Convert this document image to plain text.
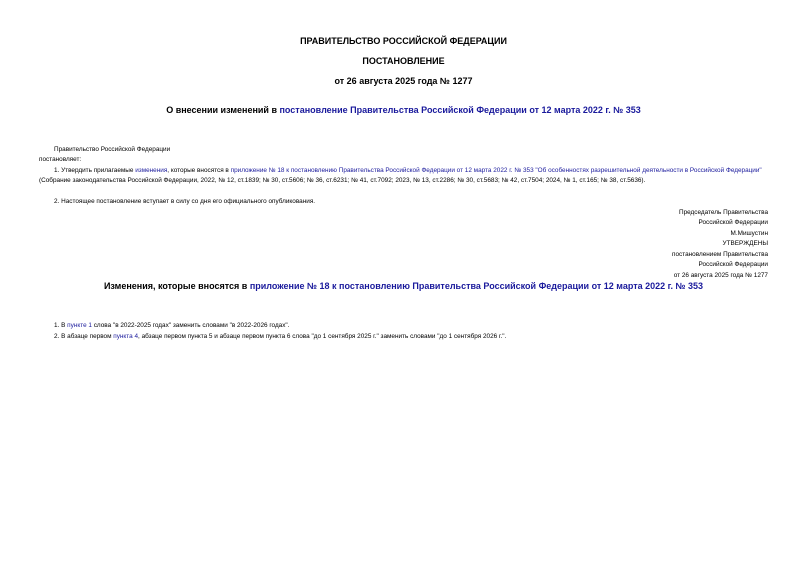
ПРАВИТЕЛЬСТВО РОССИЙСКОЙ ФЕДЕРАЦИИ
ПОСТАНОВЛЕНИЕ
от 26 августа 2025 года № 1277
О внесении изменений в постановление Правительства Российской Федерации от 12 марта 2022 г. № 353
Правительство Российской Федерации
постановляет:
1. Утвердить прилагаемые изменения, которые вносятся в приложение № 18 к постановлению Правительства Российской Федерации от 12 марта 2022 г. № 353 "Об особенностях разрешительной деятельности в Российской Федерации" (Собрание законодательства Российской Федерации, 2022, № 12, ст.1839; № 30, ст.5606; № 36, ст.6231; № 41, ст.7092; 2023, № 13, ст.2286; № 30, ст.5683; № 42, ст.7504; 2024, № 1, ст.165; № 38, ст.5636).
2. Настоящее постановление вступает в силу со дня его официального опубликования.
Председатель Правительства
Российской Федерации
М.Мишустин
УТВЕРЖДЕНЫ
постановлением Правительства
Российской Федерации
от 26 августа 2025 года № 1277
Изменения, которые вносятся в приложение № 18 к постановлению Правительства Российской Федерации от 12 марта 2022 г. № 353
1. В пункте 1 слова "в 2022-2025 годах" заменить словами "в 2022-2026 годах".
2. В абзаце первом пункта 4, абзаце первом пункта 5 и абзаце первом пункта 6 слова "до 1 сентября 2025 г." заменить словами "до 1 сентября 2026 г.".
